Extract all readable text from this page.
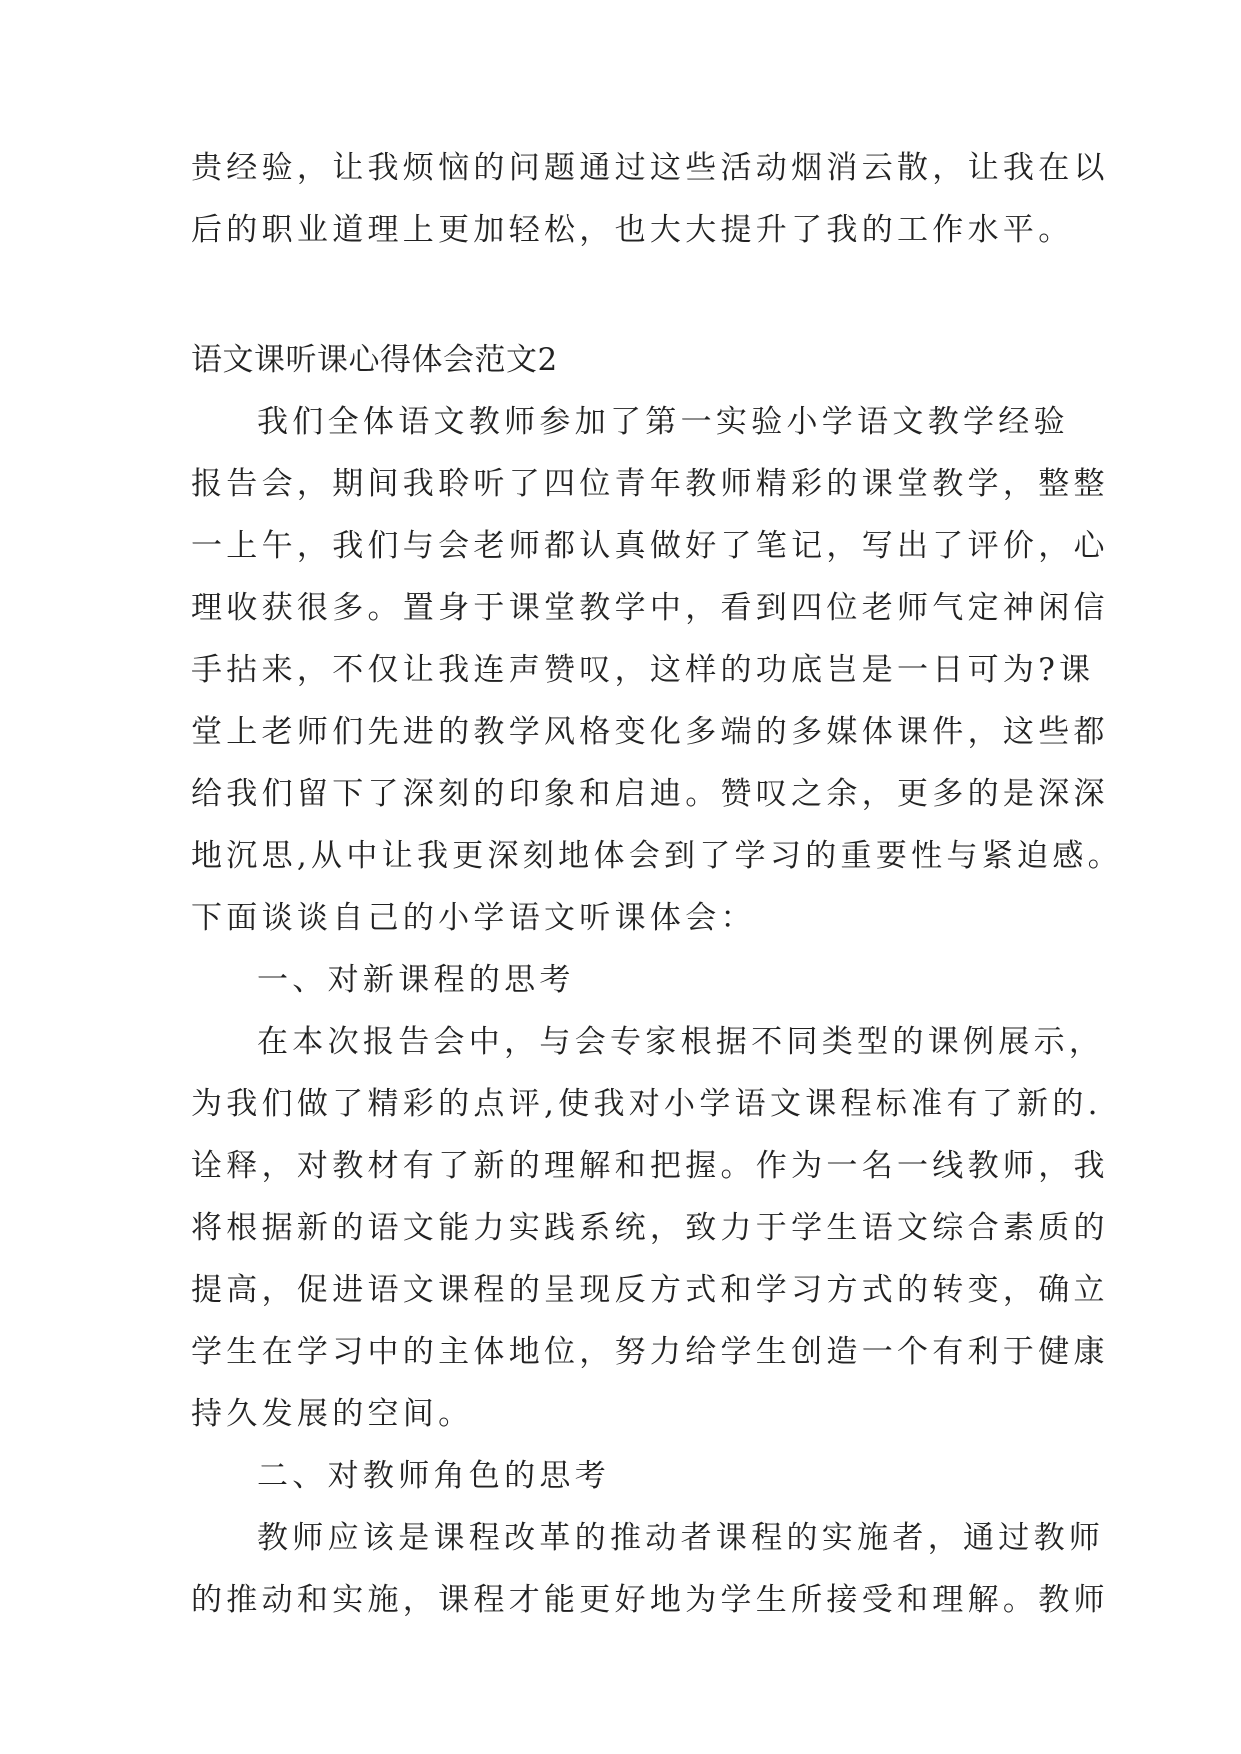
贵经验，让我烦恼的问题通过这些活动烟消云散，让我在以
后的职业道理上更加轻松，也大大提升了我的工作水平。
语文课听课心得体会范文2
我们全体语文教师参加了第一实验小学语文教学经验
报告会，期间我聆听了四位青年教师精彩的课堂教学，整整
一上午，我们与会老师都认真做好了笔记，写出了评价，心
理收获很多。置身于课堂教学中，看到四位老师气定神闲信
手拈来，不仅让我连声赞叹，这样的功底岂是一日可为?课
堂上老师们先进的教学风格变化多端的多媒体课件，这些都
给我们留下了深刻的印象和启迪。赞叹之余，更多的是深深
地沉思,从中让我更深刻地体会到了学习的重要性与紧迫感。
下面谈谈自己的小学语文听课体会：
一、对新课程的思考
在本次报告会中，与会专家根据不同类型的课例展示，
为我们做了精彩的点评,使我对小学语文课程标准有了新的.
诠释，对教材有了新的理解和把握。作为一名一线教师，我
将根据新的语文能力实践系统，致力于学生语文综合素质的
提高，促进语文课程的呈现反方式和学习方式的转变，确立
学生在学习中的主体地位，努力给学生创造一个有利于健康
持久发展的空间。
二、对教师角色的思考
教师应该是课程改革的推动者课程的实施者，通过教师
的推动和实施，课程才能更好地为学生所接受和理解。教师
